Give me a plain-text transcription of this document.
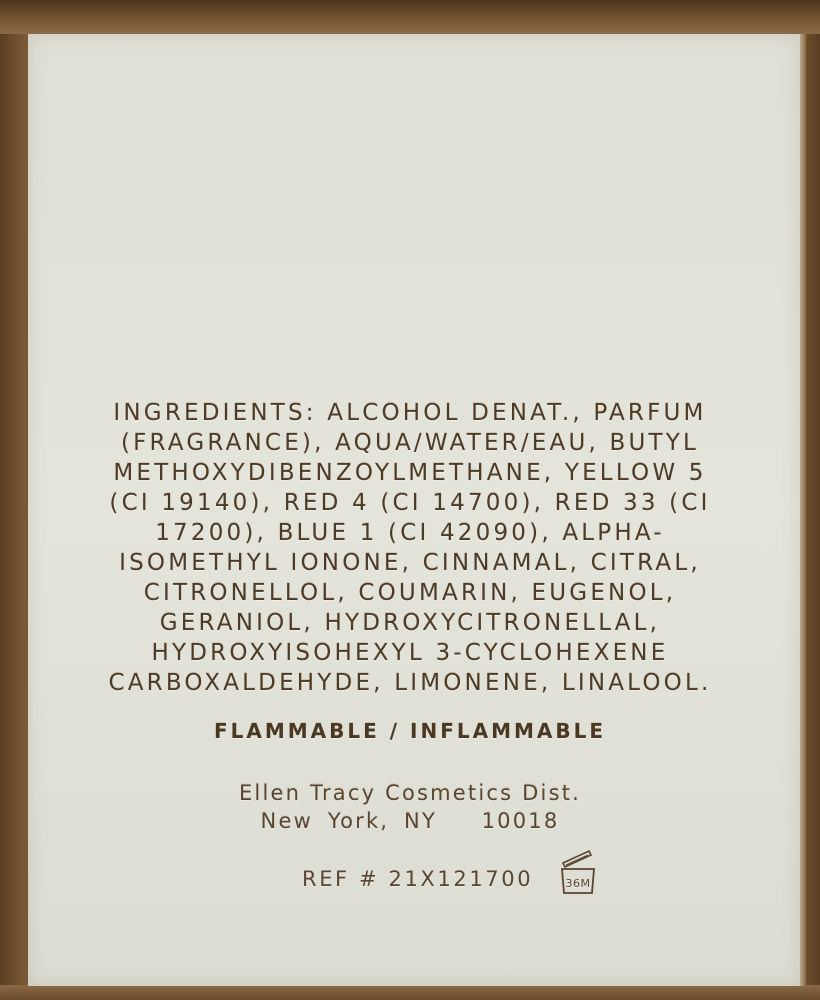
INGREDIENTS: ALCOHOL DENAT., PARFUM
(FRAGRANCE), AQUA/WATER/EAU, BUTYL
METHOXYDIBENZOYLMETHANE, YELLOW 5
(CI 19140), RED 4 (CI 14700), RED 33 (CI
17200), BLUE 1 (CI 42090), ALPHA-
ISOMETHYL IONONE, CINNAMAL, CITRAL,
CITRONELLOL, COUMARIN, EUGENOL,
GERANIOL, HYDROXYCITRONELLAL,
HYDROXYISOHEXYL 3-CYCLOHEXENE
CARBOXALDEHYDE, LIMONENE, LINALOOL.
FLAMMABLE / INFLAMMABLE
Ellen Tracy Cosmetics Dist.
New York, NY   10018
REF # 21X121700	36M
